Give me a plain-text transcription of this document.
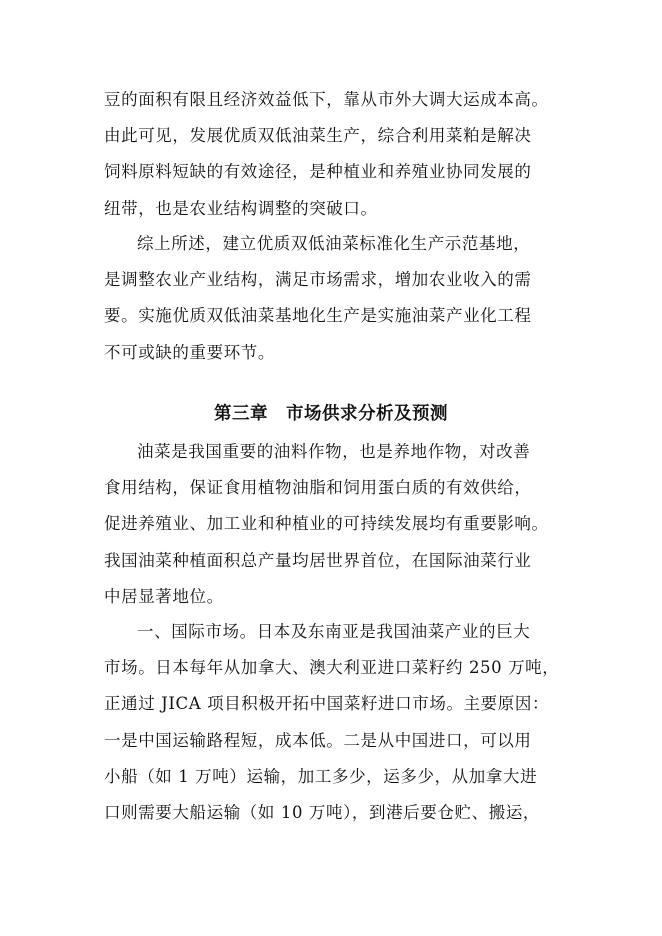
豆的面积有限且经济效益低下，靠从市外大调大运成本高。
由此可见，发展优质双低油菜生产，综合利用菜粕是解决
饲料原料短缺的有效途径，是种植业和养殖业协同发展的
纽带，也是农业结构调整的突破口。
综上所述，建立优质双低油菜标准化生产示范基地，
是调整农业产业结构，满足市场需求，增加农业收入的需
要。实施优质双低油菜基地化生产是实施油菜产业化工程
不可或缺的重要环节。
第三章　市场供求分析及预测
油菜是我国重要的油料作物，也是养地作物，对改善
食用结构，保证食用植物油脂和饲用蛋白质的有效供给，
促进养殖业、加工业和种植业的可持续发展均有重要影响。
我国油菜种植面积总产量均居世界首位，在国际油菜行业
中居显著地位。
一、国际市场。日本及东南亚是我国油菜产业的巨大
市场。日本每年从加拿大、澳大利亚进口菜籽约 250 万吨，
正通过 JICA 项目积极开拓中国菜籽进口市场。主要原因：
一是中国运输路程短，成本低。二是从中国进口，可以用
小船（如 1 万吨）运输，加工多少，运多少，从加拿大进
口则需要大船运输（如 10 万吨），到港后要仓贮、搬运，
